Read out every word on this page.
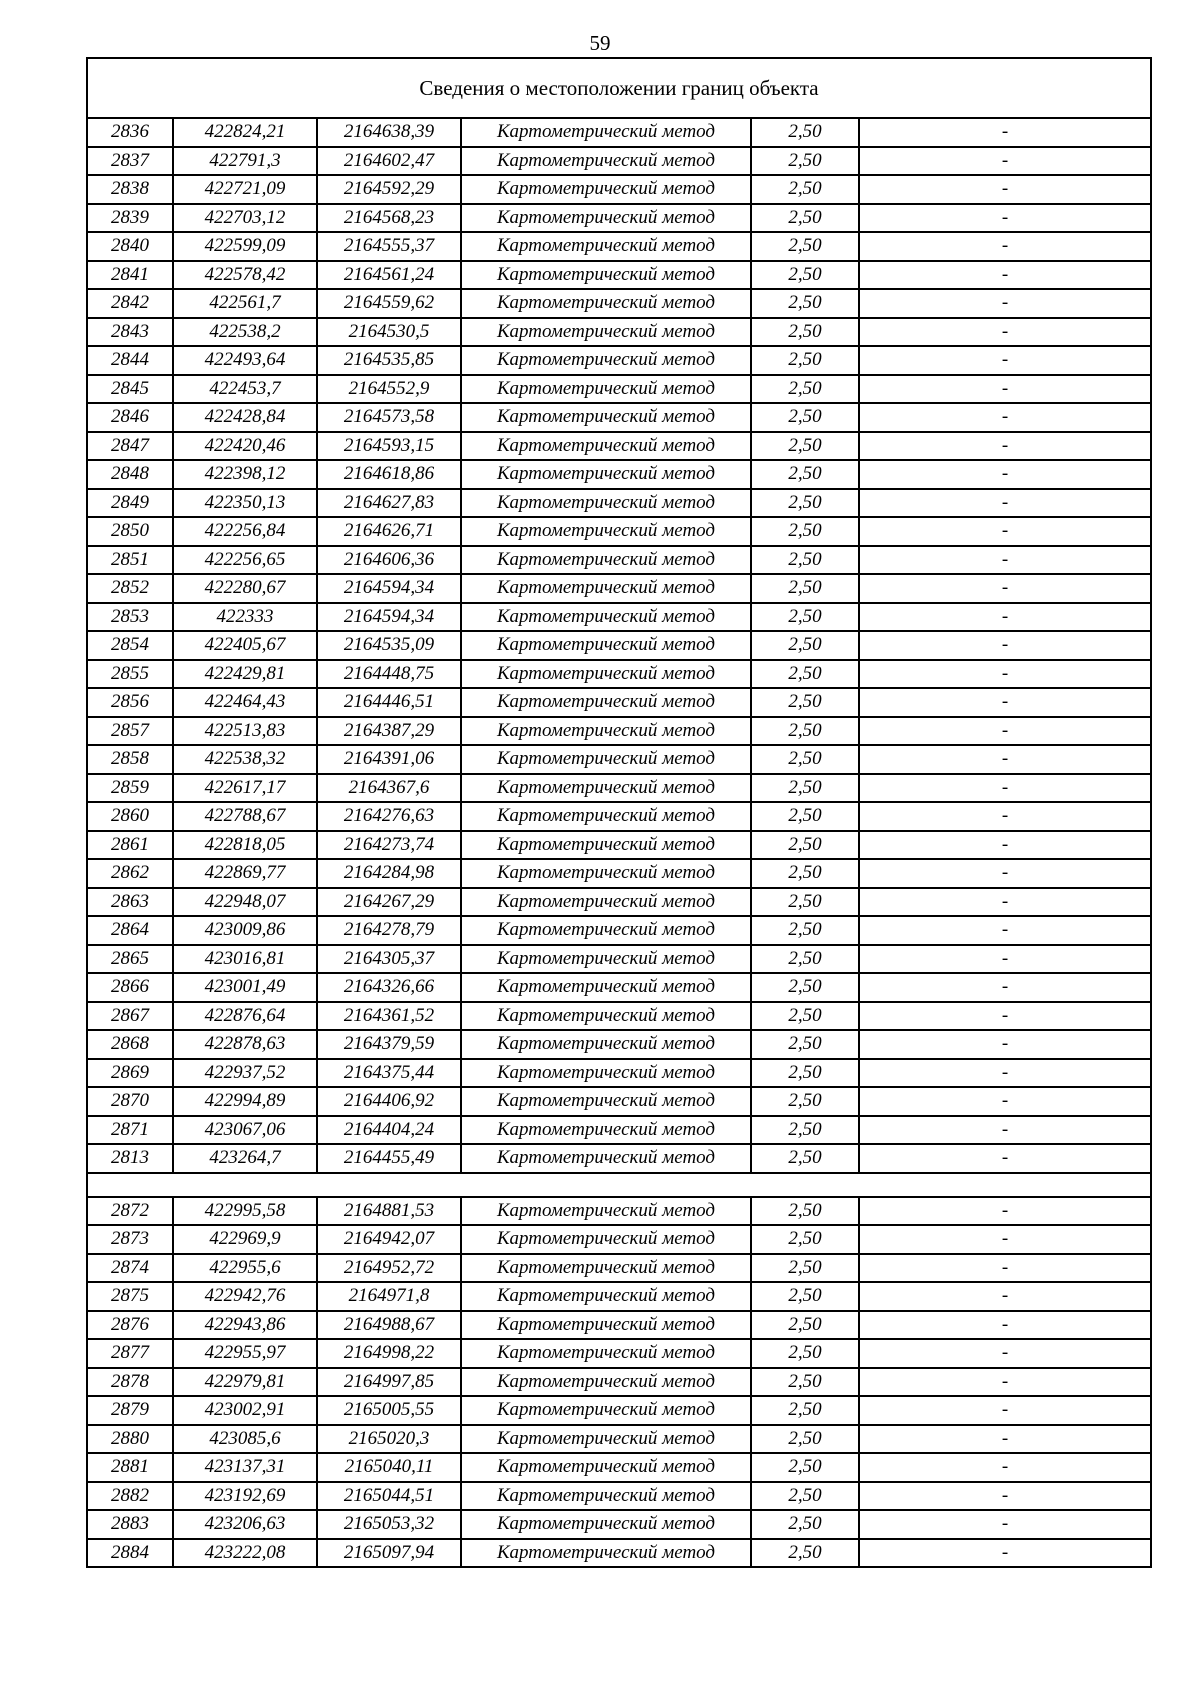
59
Сведения о местоположении границ объекта					
2836	422824,21	2164638,39	Картометрический метод	2,50	-
2837	422791,3	2164602,47	Картометрический метод	2,50	-
2838	422721,09	2164592,29	Картометрический метод	2,50	-
2839	422703,12	2164568,23	Картометрический метод	2,50	-
2840	422599,09	2164555,37	Картометрический метод	2,50	-
2841	422578,42	2164561,24	Картометрический метод	2,50	-
2842	422561,7	2164559,62	Картометрический метод	2,50	-
2843	422538,2	2164530,5	Картометрический метод	2,50	-
2844	422493,64	2164535,85	Картометрический метод	2,50	-
2845	422453,7	2164552,9	Картометрический метод	2,50	-
2846	422428,84	2164573,58	Картометрический метод	2,50	-
2847	422420,46	2164593,15	Картометрический метод	2,50	-
2848	422398,12	2164618,86	Картометрический метод	2,50	-
2849	422350,13	2164627,83	Картометрический метод	2,50	-
2850	422256,84	2164626,71	Картометрический метод	2,50	-
2851	422256,65	2164606,36	Картометрический метод	2,50	-
2852	422280,67	2164594,34	Картометрический метод	2,50	-
2853	422333	2164594,34	Картометрический метод	2,50	-
2854	422405,67	2164535,09	Картометрический метод	2,50	-
2855	422429,81	2164448,75	Картометрический метод	2,50	-
2856	422464,43	2164446,51	Картометрический метод	2,50	-
2857	422513,83	2164387,29	Картометрический метод	2,50	-
2858	422538,32	2164391,06	Картометрический метод	2,50	-
2859	422617,17	2164367,6	Картометрический метод	2,50	-
2860	422788,67	2164276,63	Картометрический метод	2,50	-
2861	422818,05	2164273,74	Картометрический метод	2,50	-
2862	422869,77	2164284,98	Картометрический метод	2,50	-
2863	422948,07	2164267,29	Картометрический метод	2,50	-
2864	423009,86	2164278,79	Картометрический метод	2,50	-
2865	423016,81	2164305,37	Картометрический метод	2,50	-
2866	423001,49	2164326,66	Картометрический метод	2,50	-
2867	422876,64	2164361,52	Картометрический метод	2,50	-
2868	422878,63	2164379,59	Картометрический метод	2,50	-
2869	422937,52	2164375,44	Картометрический метод	2,50	-
2870	422994,89	2164406,92	Картометрический метод	2,50	-
2871	423067,06	2164404,24	Картометрический метод	2,50	-
2813	423264,7	2164455,49	Картометрический метод	2,50	-

2872	422995,58	2164881,53	Картометрический метод	2,50	-
2873	422969,9	2164942,07	Картометрический метод	2,50	-
2874	422955,6	2164952,72	Картометрический метод	2,50	-
2875	422942,76	2164971,8	Картометрический метод	2,50	-
2876	422943,86	2164988,67	Картометрический метод	2,50	-
2877	422955,97	2164998,22	Картометрический метод	2,50	-
2878	422979,81	2164997,85	Картометрический метод	2,50	-
2879	423002,91	2165005,55	Картометрический метод	2,50	-
2880	423085,6	2165020,3	Картометрический метод	2,50	-
2881	423137,31	2165040,11	Картометрический метод	2,50	-
2882	423192,69	2165044,51	Картометрический метод	2,50	-
2883	423206,63	2165053,32	Картометрический метод	2,50	-
2884	423222,08	2165097,94	Картометрический метод	2,50	-
